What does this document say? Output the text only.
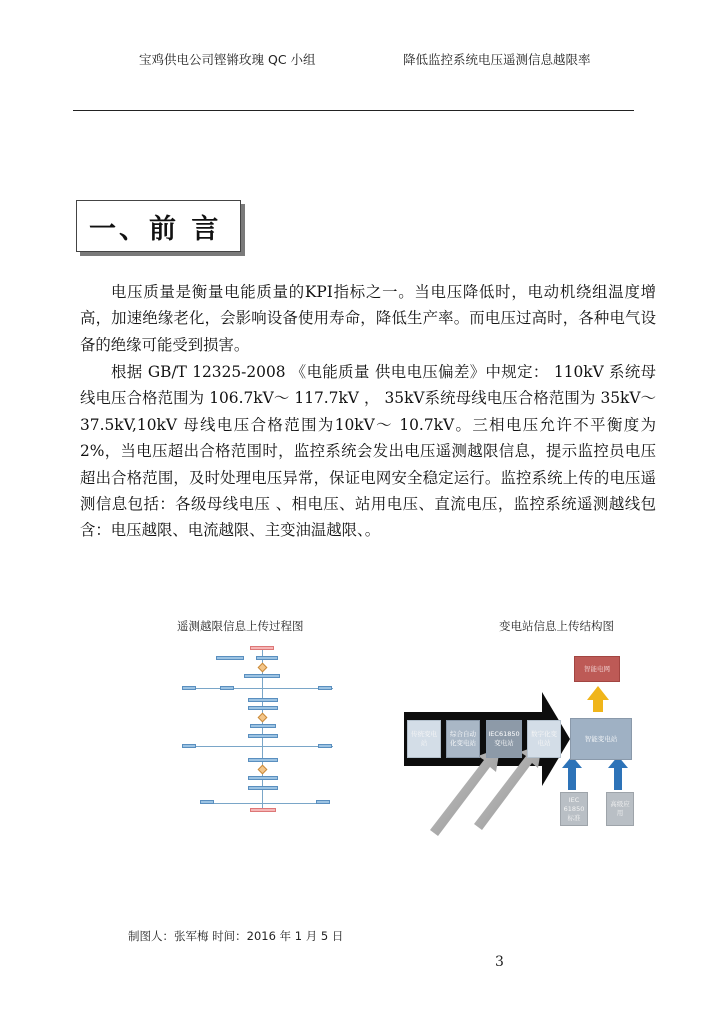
宝鸡供电公司铿锵玫瑰 QC 小组	降低监控系统电压遥测信息越限率
一、前 言

电压质量是衡量电能质量的KPI指标之一。当电压降低时，电动机绕组温度增高，加速绝缘老化，会影响设备使用寿命，降低生产率。而电压过高时，各种电气设备的绝缘可能受到损害。

根据 GB/T 12325-2008 《电能质量 供电电压偏差》中规定： 110kV 系统母线电压合格范围为 106.7kV～ 117.7kV ， 35kV系统母线电压合格范围为 35kV～ 37.5kV,10kV 母线电压合格范围为10kV～ 10.7kV。三相电压允许不平衡度为 2%，当电压超出合格范围时，监控系统会发出电压遥测越限信息，提示监控员电压超出合格范围，及时处理电压异常，保证电网安全稳定运行。监控系统上传的电压遥测信息包括：各级母线电压 、相电压、站用电压、直流电压，监控系统遥测越线包含：电压越限、电流越限、主变油温越限、。

遥测越限信息上传过程图	变电站信息上传结构图
传统变电站
综合自动化变电站
IEC61850变电站
数字化变电站
智能变电站
智能电网
IEC 61850 标准
高级应用
制图人：张军梅 时间：2016 年 1 月 5 日
3
